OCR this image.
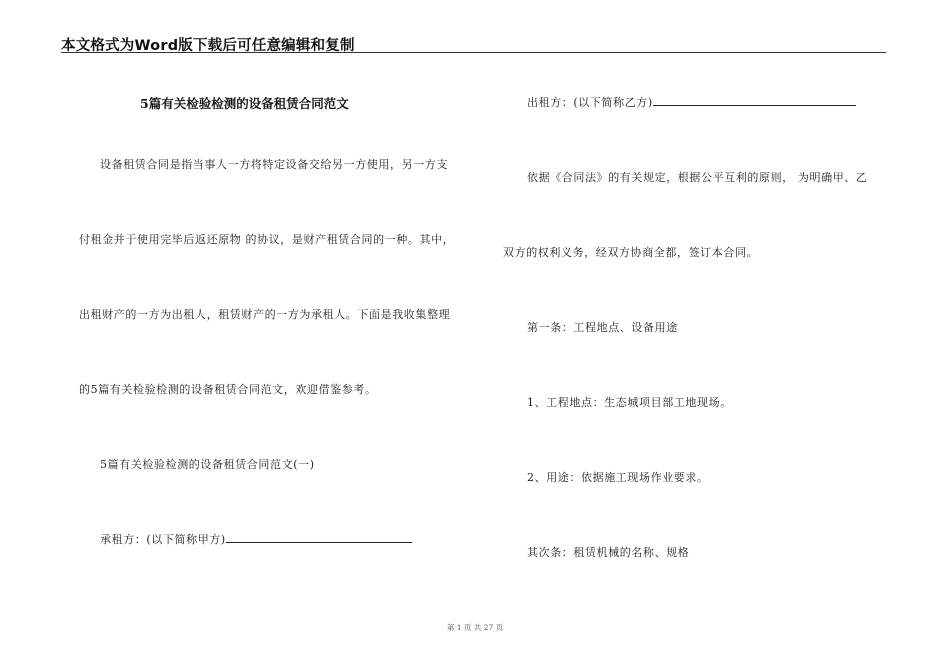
本文格式为Word版下载后可任意编辑和复制
5篇有关检验检测的设备租赁合同范文
设备租赁合同是指当事人一方将特定设备交给另一方使用，另一方支
付租金并于使用完毕后返还原物 的协议，是财产租赁合同的一种。其中，
出租财产的一方为出租人，租赁财产的一方为承租人。下面是我收集整理
的5篇有关检验检测的设备租赁合同范文，欢迎借鉴参考。
5篇有关检验检测的设备租赁合同范文(一)
承租方：(以下简称甲方)
出租方：(以下简称乙方)
依据《合同法》的有关规定，根据公平互利的原则， 为明确甲、乙
双方的权利义务，经双方协商全都，签订本合同。
第一条：工程地点、设备用途
1、工程地点：生态城项目部工地现场。
2、用途：依据施工现场作业要求。
其次条：租赁机械的名称、规格
第 1 页 共 27 页
